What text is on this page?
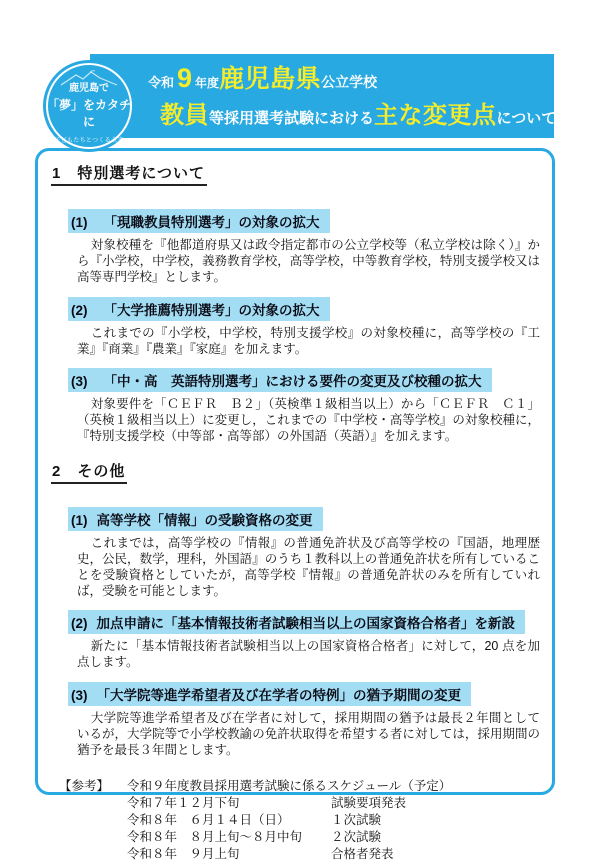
令和 9 年度 鹿児島県 公立学校
教員 等採用選考試験における 主な変更点 について
鹿児島で
「夢」をカタチに
子どもたちとつくる未来
1　特別選考について
(1) 「現職教員特別選考」の対象の拡大

対象校種を『他都道府県又は政令指定都市の公立学校等（私立学校は除く）』から『小学校，中学校，義務教育学校，高等学校，中等教育学校，特別支援学校又は高等専門学校』とします。

(2) 「大学推薦特別選考」の対象の拡大

これまでの『小学校，中学校，特別支援学校』の対象校種に，高等学校の『工業』『商業』『農業』『家庭』を加えます。

(3) 「中・高　英語特別選考」における要件の変更及び校種の拡大

対象要件を「ＣＥＦＲ　Ｂ２」（英検準１級相当以上）から「ＣＥＦＲ　Ｃ１」（英検１級相当以上）に変更し，これまでの『中学校・高等学校』の対象校種に，『特別支援学校（中等部・高等部）の外国語（英語）』を加えます。

2　その他
(1) 高等学校「情報」の受験資格の変更

これまでは，高等学校の『情報』の普通免許状及び高等学校の『国語，地理歴史，公民，数学，理科，外国語』のうち１教科以上の普通免許状を所有していることを受験資格としていたが，高等学校『情報』の普通免許状のみを所有していれば，受験を可能とします。

(2) 加点申請に「基本情報技術者試験相当以上の国家資格合格者」を新設

新たに「基本情報技術者試験相当以上の国家資格合格者」に対して，20 点を加点します。

(3) 「大学院等進学希望者及び在学者の特例」の猶予期間の変更

大学院等進学希望者及び在学者に対して，採用期間の猶予は最長２年間としているが，大学院等で小学校教諭の免許状取得を希望する者に対しては，採用期間の猶予を最長３年間とします。

【参考】	令和９年度教員採用選考試験に係るスケジュール（予定）
令和７年１２月下旬	試験要項発表
令和８年　６月１４日（日）	１次試験
令和８年　８月上旬～８月中旬	２次試験
令和８年　９月上旬	合格者発表
